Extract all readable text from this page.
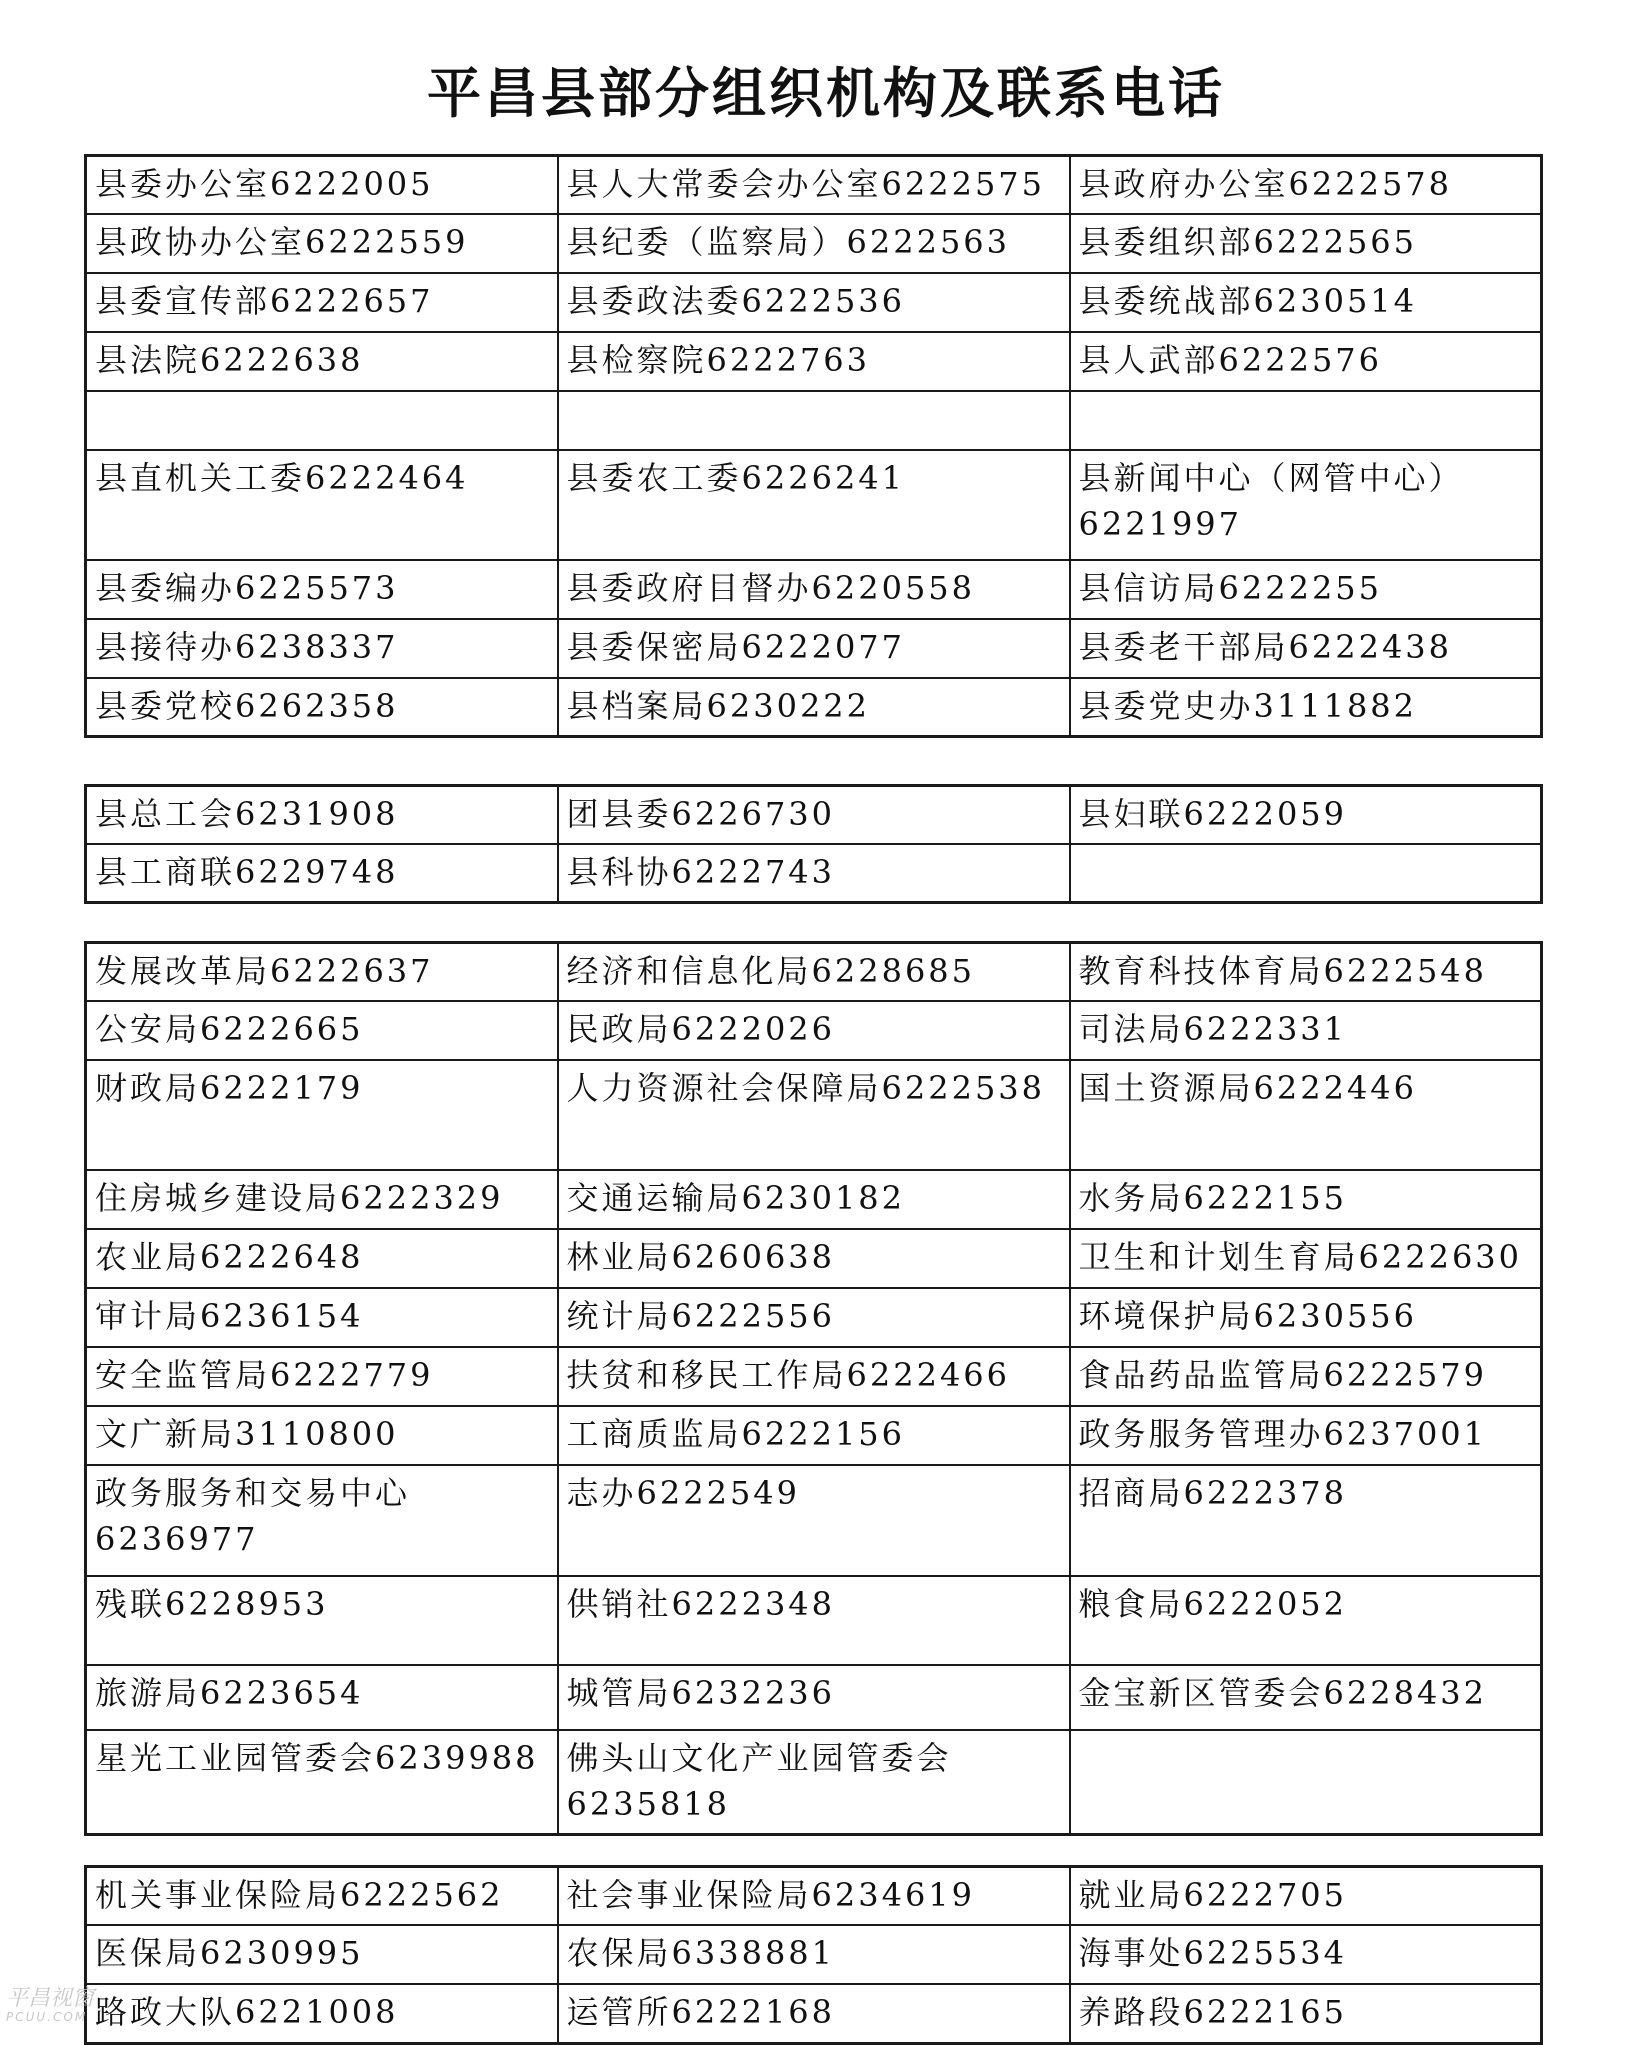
平昌县部分组织机构及联系电话
县委办公室6222005	县人大常委会办公室6222575	县政府办公室6222578
县政协办公室6222559	县纪委（监察局）6222563	县委组织部6222565
县委宣传部6222657	县委政法委6222536	县委统战部6230514
县法院6222638	县检察院6222763	县人武部6222576

县直机关工委6222464	县委农工委6226241	县新闻中心（网管中心）6221997
县委编办6225573	县委政府目督办6220558	县信访局6222255
县接待办6238337	县委保密局6222077	县委老干部局6222438
县委党校6262358	县档案局6230222	县委党史办3111882
县总工会6231908	团县委6226730	县妇联6222059
县工商联6229748	县科协6222743	
发展改革局6222637	经济和信息化局6228685	教育科技体育局6222548
公安局6222665	民政局6222026	司法局6222331
财政局6222179	人力资源社会保障局6222538	国土资源局6222446
住房城乡建设局6222329	交通运输局6230182	水务局6222155
农业局6222648	林业局6260638	卫生和计划生育局6222630
审计局6236154	统计局6222556	环境保护局6230556
安全监管局6222779	扶贫和移民工作局6222466	食品药品监管局6222579
文广新局3110800	工商质监局6222156	政务服务管理办6237001
政务服务和交易中心6236977	志办6222549	招商局6222378
残联6228953	供销社6222348	粮食局6222052
旅游局6223654	城管局6232236	金宝新区管委会6228432
星光工业园管委会6239988	佛头山文化产业园管委会6235818	
机关事业保险局6222562	社会事业保险局6234619	就业局6222705
医保局6230995	农保局6338881	海事处6225534
路政大队6221008	运管所6222168	养路段6222165
平昌视窗
PCUU.COM
